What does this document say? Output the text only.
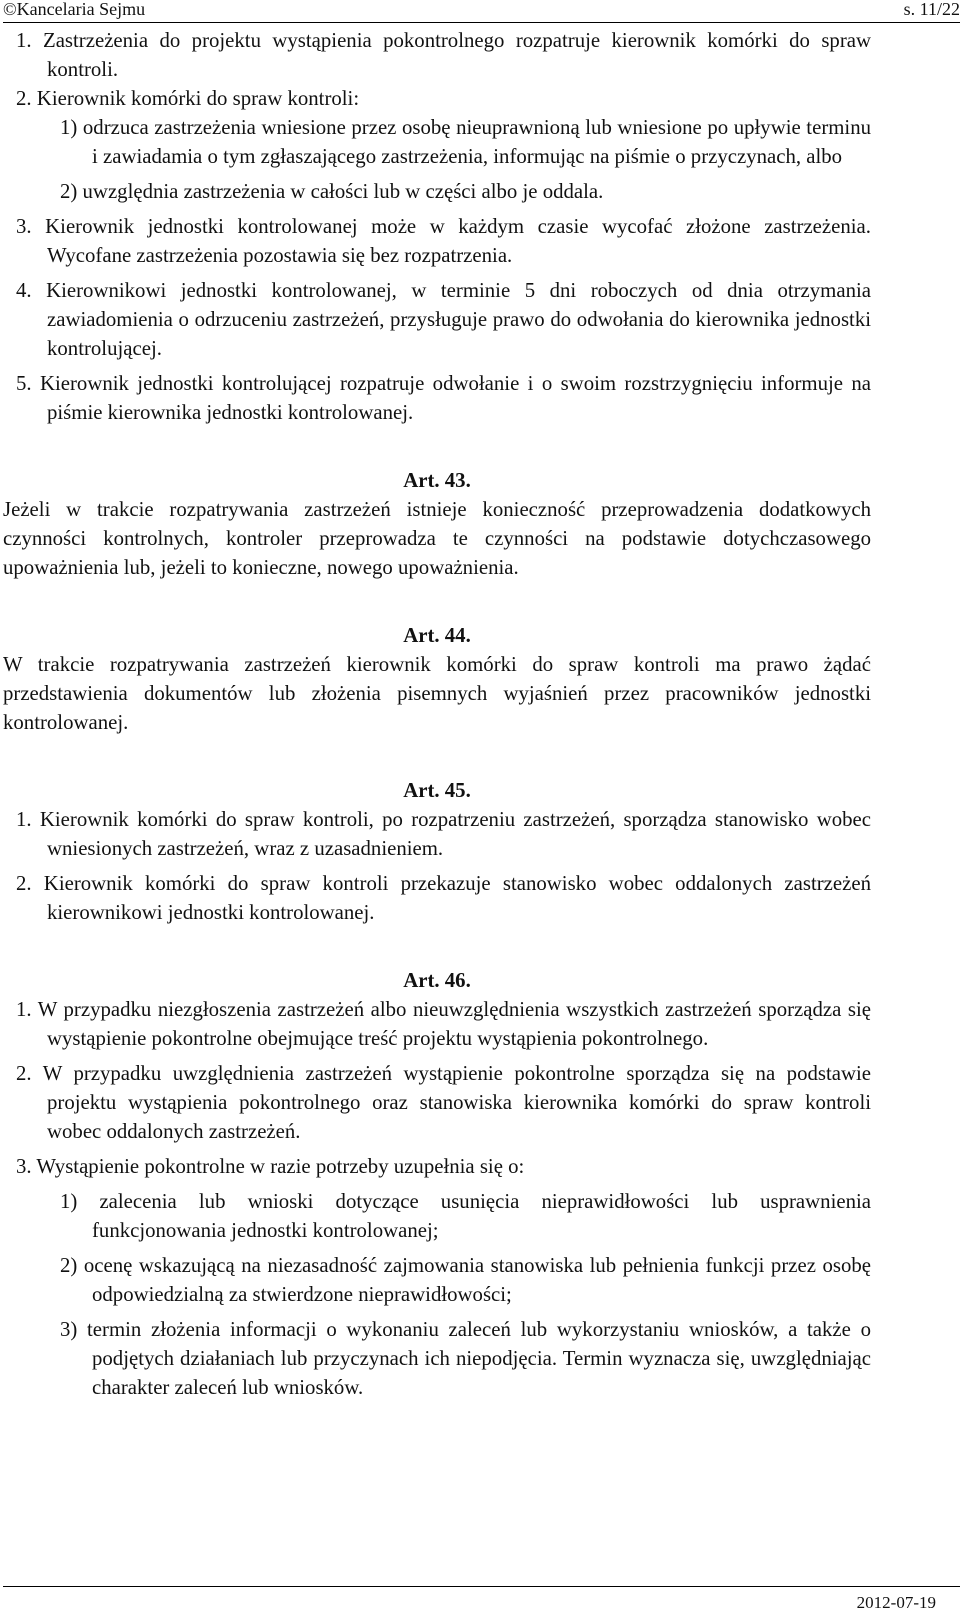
©Kancelaria Sejmu	s. 11/22

1. Zastrzeżenia do projektu wystąpienia pokontrolnego rozpatruje kierownik komórki do spraw kontroli.

2. Kierownik komórki do spraw kontroli:

1) odrzuca zastrzeżenia wniesione przez osobę nieuprawnioną lub wniesione po upływie terminu i zawiadamia o tym zgłaszającego zastrzeżenia, informując na piśmie o przyczynach, albo

2) uwzględnia zastrzeżenia w całości lub w części albo je oddala.

3. Kierownik jednostki kontrolowanej może w każdym czasie wycofać złożone zastrzeżenia. Wycofane zastrzeżenia pozostawia się bez rozpatrzenia.

4. Kierownikowi jednostki kontrolowanej, w terminie 5 dni roboczych od dnia otrzymania zawiadomienia o odrzuceniu zastrzeżeń, przysługuje prawo do odwołania do kierownika jednostki kontrolującej.

5. Kierownik jednostki kontrolującej rozpatruje odwołanie i o swoim rozstrzygnięciu informuje na piśmie kierownika jednostki kontrolowanej.

Art. 43.

Jeżeli w trakcie rozpatrywania zastrzeżeń istnieje konieczność przeprowadzenia dodatkowych czynności kontrolnych, kontroler przeprowadza te czynności na podstawie dotychczasowego upoważnienia lub, jeżeli to konieczne, nowego upoważnienia.

Art. 44.

W trakcie rozpatrywania zastrzeżeń kierownik komórki do spraw kontroli ma prawo żądać przedstawienia dokumentów lub złożenia pisemnych wyjaśnień przez pracowników jednostki kontrolowanej.

Art. 45.

1. Kierownik komórki do spraw kontroli, po rozpatrzeniu zastrzeżeń, sporządza stanowisko wobec wniesionych zastrzeżeń, wraz z uzasadnieniem.

2. Kierownik komórki do spraw kontroli przekazuje stanowisko wobec oddalonych zastrzeżeń kierownikowi jednostki kontrolowanej.

Art. 46.

1. W przypadku niezgłoszenia zastrzeżeń albo nieuwzględnienia wszystkich zastrzeżeń sporządza się wystąpienie pokontrolne obejmujące treść projektu wystąpienia pokontrolnego.

2. W przypadku uwzględnienia zastrzeżeń wystąpienie pokontrolne sporządza się na podstawie projektu wystąpienia pokontrolnego oraz stanowiska kierownika komórki do spraw kontroli wobec oddalonych zastrzeżeń.

3. Wystąpienie pokontrolne w razie potrzeby uzupełnia się o:

1) zalecenia lub wnioski dotyczące usunięcia nieprawidłowości lub usprawnienia funkcjonowania jednostki kontrolowanej;

2) ocenę wskazującą na niezasadność zajmowania stanowiska lub pełnienia funkcji przez osobę odpowiedzialną za stwierdzone nieprawidłowości;

3) termin złożenia informacji o wykonaniu zaleceń lub wykorzystaniu wniosków, a także o podjętych działaniach lub przyczynach ich niepodjęcia. Termin wyznacza się, uwzględniając charakter zaleceń lub wniosków.

2012-07-19
